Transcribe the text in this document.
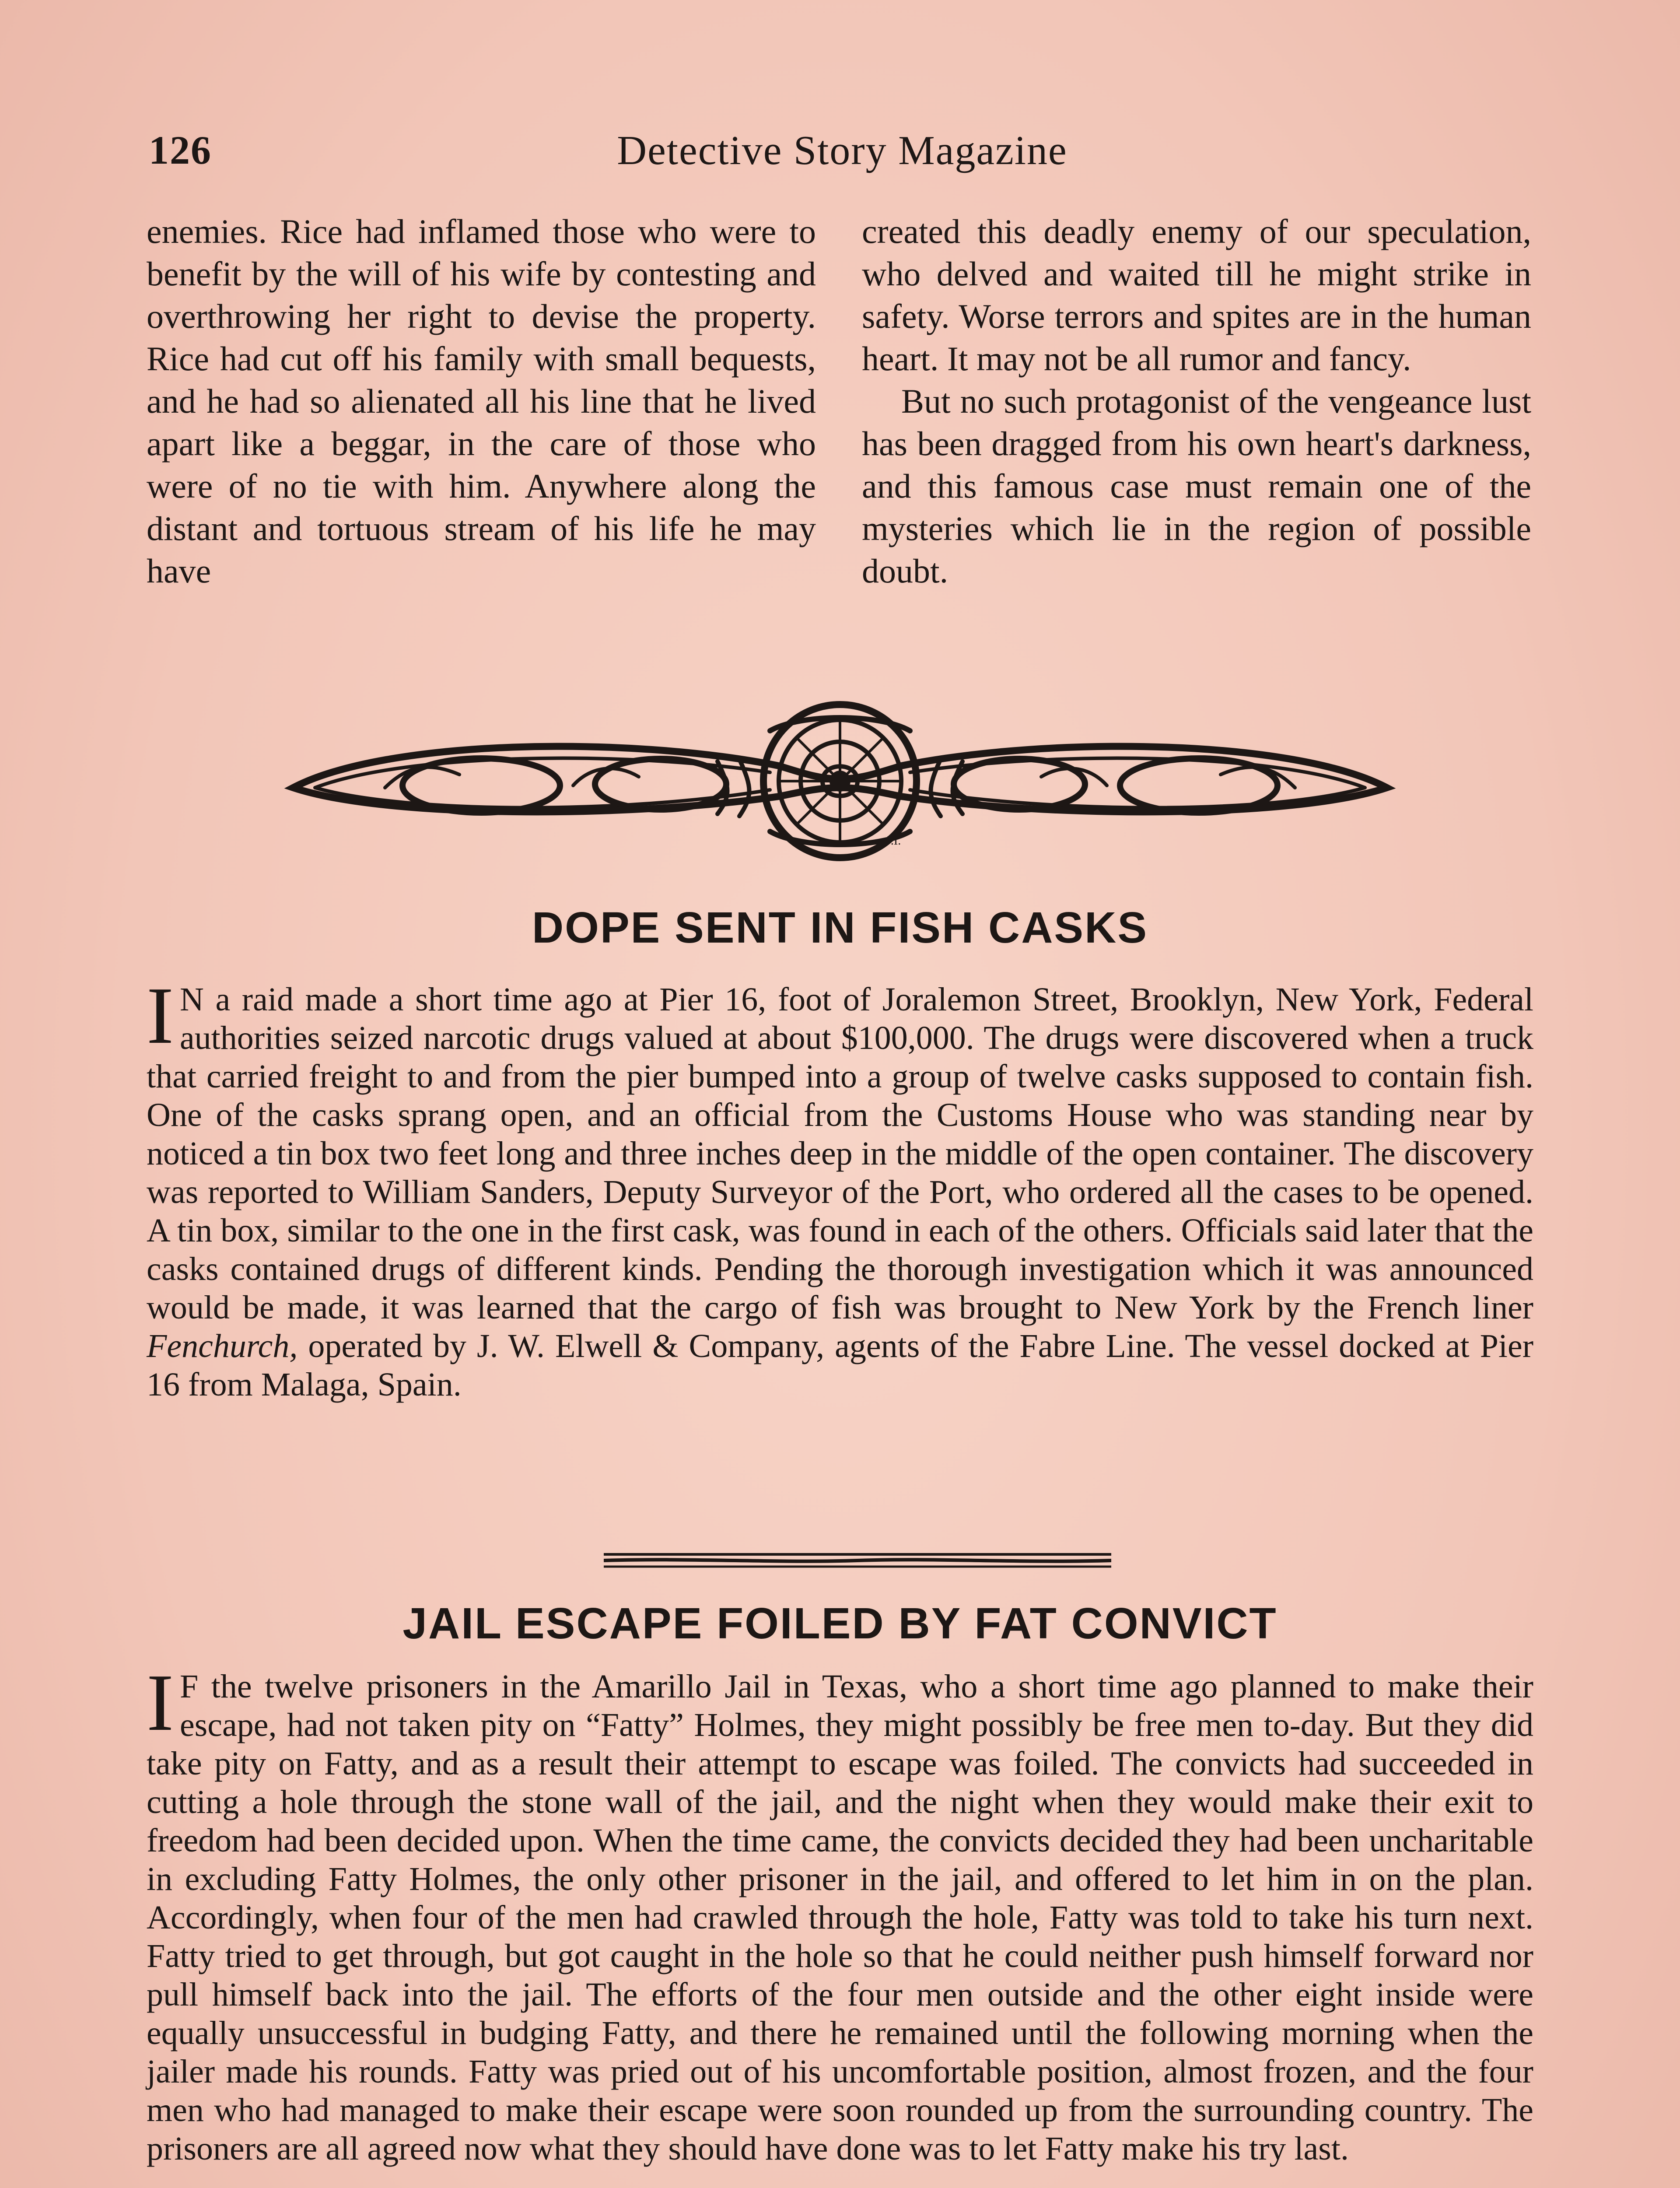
126	Detective Story Magazine

enemies. Rice had inflamed those who were to benefit by the will of his wife by contesting and overthrowing her right to devise the property. Rice had cut off his family with small bequests, and he had so alienated all his line that he lived apart like a beggar, in the care of those who were of no tie with him. Anywhere along the distant and tortuous stream of his life he may have

created this deadly enemy of our speculation, who delved and waited till he might strike in safety. Worse terrors and spites are in the human heart. It may not be all rumor and fancy.

But no such protagonist of the vengeance lust has been dragged from his own heart's darkness, and this famous case must remain one of the mysteries which lie in the region of possible doubt.

J.I.
DOPE SENT IN FISH CASKS

I N a raid made a short time ago at Pier 16, foot of Joralemon Street, Brooklyn, New York, Federal authorities seized narcotic drugs valued at about $100,000. The drugs were discovered when a truck that carried freight to and from the pier bumped into a group of twelve casks supposed to contain fish. One of the casks sprang open, and an official from the Customs House who was standing near by noticed a tin box two feet long and three inches deep in the middle of the open container. The discovery was reported to William Sanders, Deputy Surveyor of the Port, who ordered all the cases to be opened. A tin box, similar to the one in the first cask, was found in each of the others. Officials said later that the casks contained drugs of different kinds. Pending the thorough investigation which it was announced would be made, it was learned that the cargo of fish was brought to New York by the French liner Fenchurch, operated by J. W. Elwell & Company, agents of the Fabre Line. The vessel docked at Pier 16 from Malaga, Spain.

JAIL ESCAPE FOILED BY FAT CONVICT

I F the twelve prisoners in the Amarillo Jail in Texas, who a short time ago planned to make their escape, had not taken pity on “Fatty” Holmes, they might possibly be free men to-day. But they did take pity on Fatty, and as a result their attempt to escape was foiled. The convicts had succeeded in cutting a hole through the stone wall of the jail, and the night when they would make their exit to freedom had been decided upon. When the time came, the convicts decided they had been uncharitable in excluding Fatty Holmes, the only other prisoner in the jail, and offered to let him in on the plan. Accordingly, when four of the men had crawled through the hole, Fatty was told to take his turn next. Fatty tried to get through, but got caught in the hole so that he could neither push himself forward nor pull himself back into the jail. The efforts of the four men outside and the other eight inside were equally unsuccessful in budging Fatty, and there he remained until the following morning when the jailer made his rounds. Fatty was pried out of his uncomfortable position, almost frozen, and the four men who had managed to make their escape were soon rounded up from the surrounding country. The prisoners are all agreed now what they should have done was to let Fatty make his try last.
